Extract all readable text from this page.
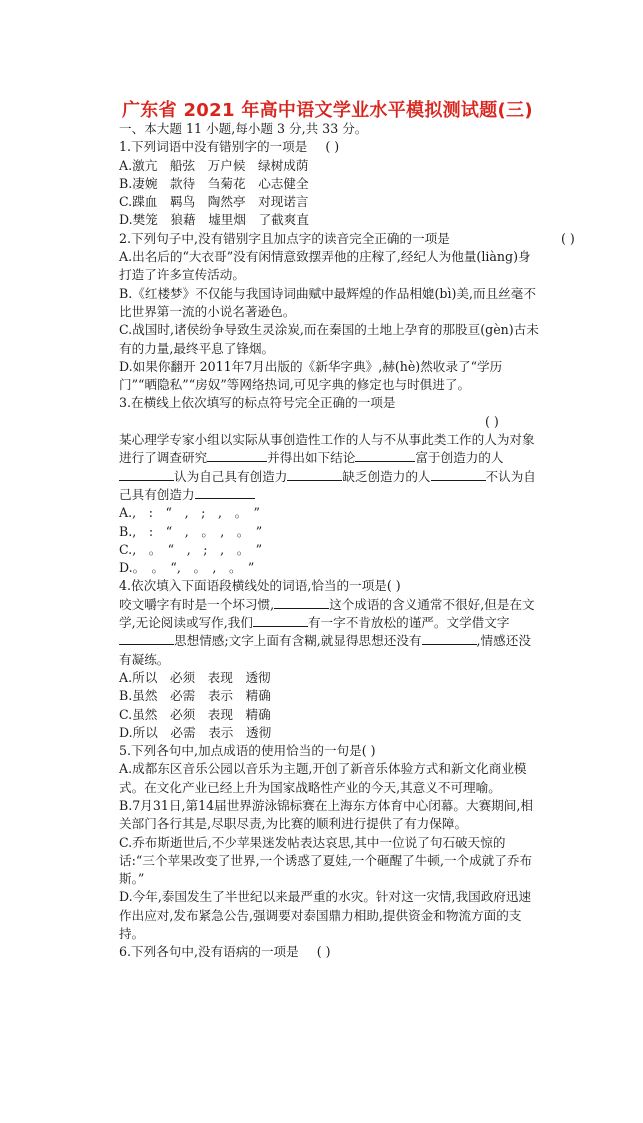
广东省 2021 年高中语文学业水平模拟测试题(三)
一、本大题 11 小题,每小题 3 分,共 33 分。
1.下列词语中没有错别字的一项是 ( )
A.激亢　船弦　万户候　绿树成荫
B.凄婉　款待　刍菊花　心志健全
C.蹀血　羁鸟　陶然亭　对现诺言
D.樊笼　狼藉　墟里烟　了截爽直
2.下列句子中,没有错别字且加点字的读音完全正确的一项是	( )
A.出名后的“大衣哥”没有闲情意致摆弄他的庄稼了,经纪人为他量(liàng)身打造了许多宣传活动。
B.《红楼梦》不仅能与我国诗词曲赋中最辉煌的作品相媲(bì)美,而且丝毫不比世界第一流的小说名著逊色。
C.战国时,诸侯纷争导致生灵涂炭,而在秦国的土地上孕育的那股亘(gèn)古未有的力量,最终平息了锋烟。
D.如果你翻开 2011年7月出版的《新华字典》,赫(hè)然收录了“学历门”“晒隐私”“房奴”等网络热词,可见字典的修定也与时俱进了。
3.在横线上依次填写的标点符号完全正确的一项是
( )
某心理学专家小组以实际从事创造性工作的人与不从事此类工作的人为对象进行了调查研究	并得出如下结论	富于创造力的人认为自己具有创造力	缺乏创造力的人	不认为自己具有创造力
A.,　:　“　,　;　,　。　”
B.,　:　“　,　。　,　。　”
C.,　。　“　,　;　,　。　”
D.。　。　“,　。　,　。　”
4.依次填入下面语段横线处的词语,恰当的一项是( )
咬文嚼字有时是一个坏习惯,	这个成语的含义通常不很好,但是在文学,无论阅读或写作,我们	有一字不肯放松的谨严。文学借文字思想情感;文字上面有含糊,就显得思想还没有	,情感还没有凝练。
A.所以　必须　表现　透彻
B.虽然　必需　表示　精确
C.虽然　必须　表现　精确
D.所以　必需　表示　透彻
5.下列各句中,加点成语的使用恰当的一句是( )
A.成都东区音乐公园以音乐为主题,开创了新音乐体验方式和新文化商业模式。在文化产业已经上升为国家战略性产业的今天,其意义不可理喻。
B.7月31日,第14届世界游泳锦标赛在上海东方体育中心闭幕。大赛期间,相关部门各行其是,尽职尽责,为比赛的顺利进行提供了有力保障。
C.乔布斯逝世后,不少苹果迷发帖表达哀思,其中一位说了句石破天惊的话:“三个苹果改变了世界,一个诱惑了夏娃,一个砸醒了牛顿,一个成就了乔布斯。”
D.今年,泰国发生了半世纪以来最严重的水灾。针对这一灾情,我国政府迅速作出应对,发布紧急公告,强调要对泰国鼎力相助,提供资金和物流方面的支持。
6.下列各句中,没有语病的一项是 ( )
